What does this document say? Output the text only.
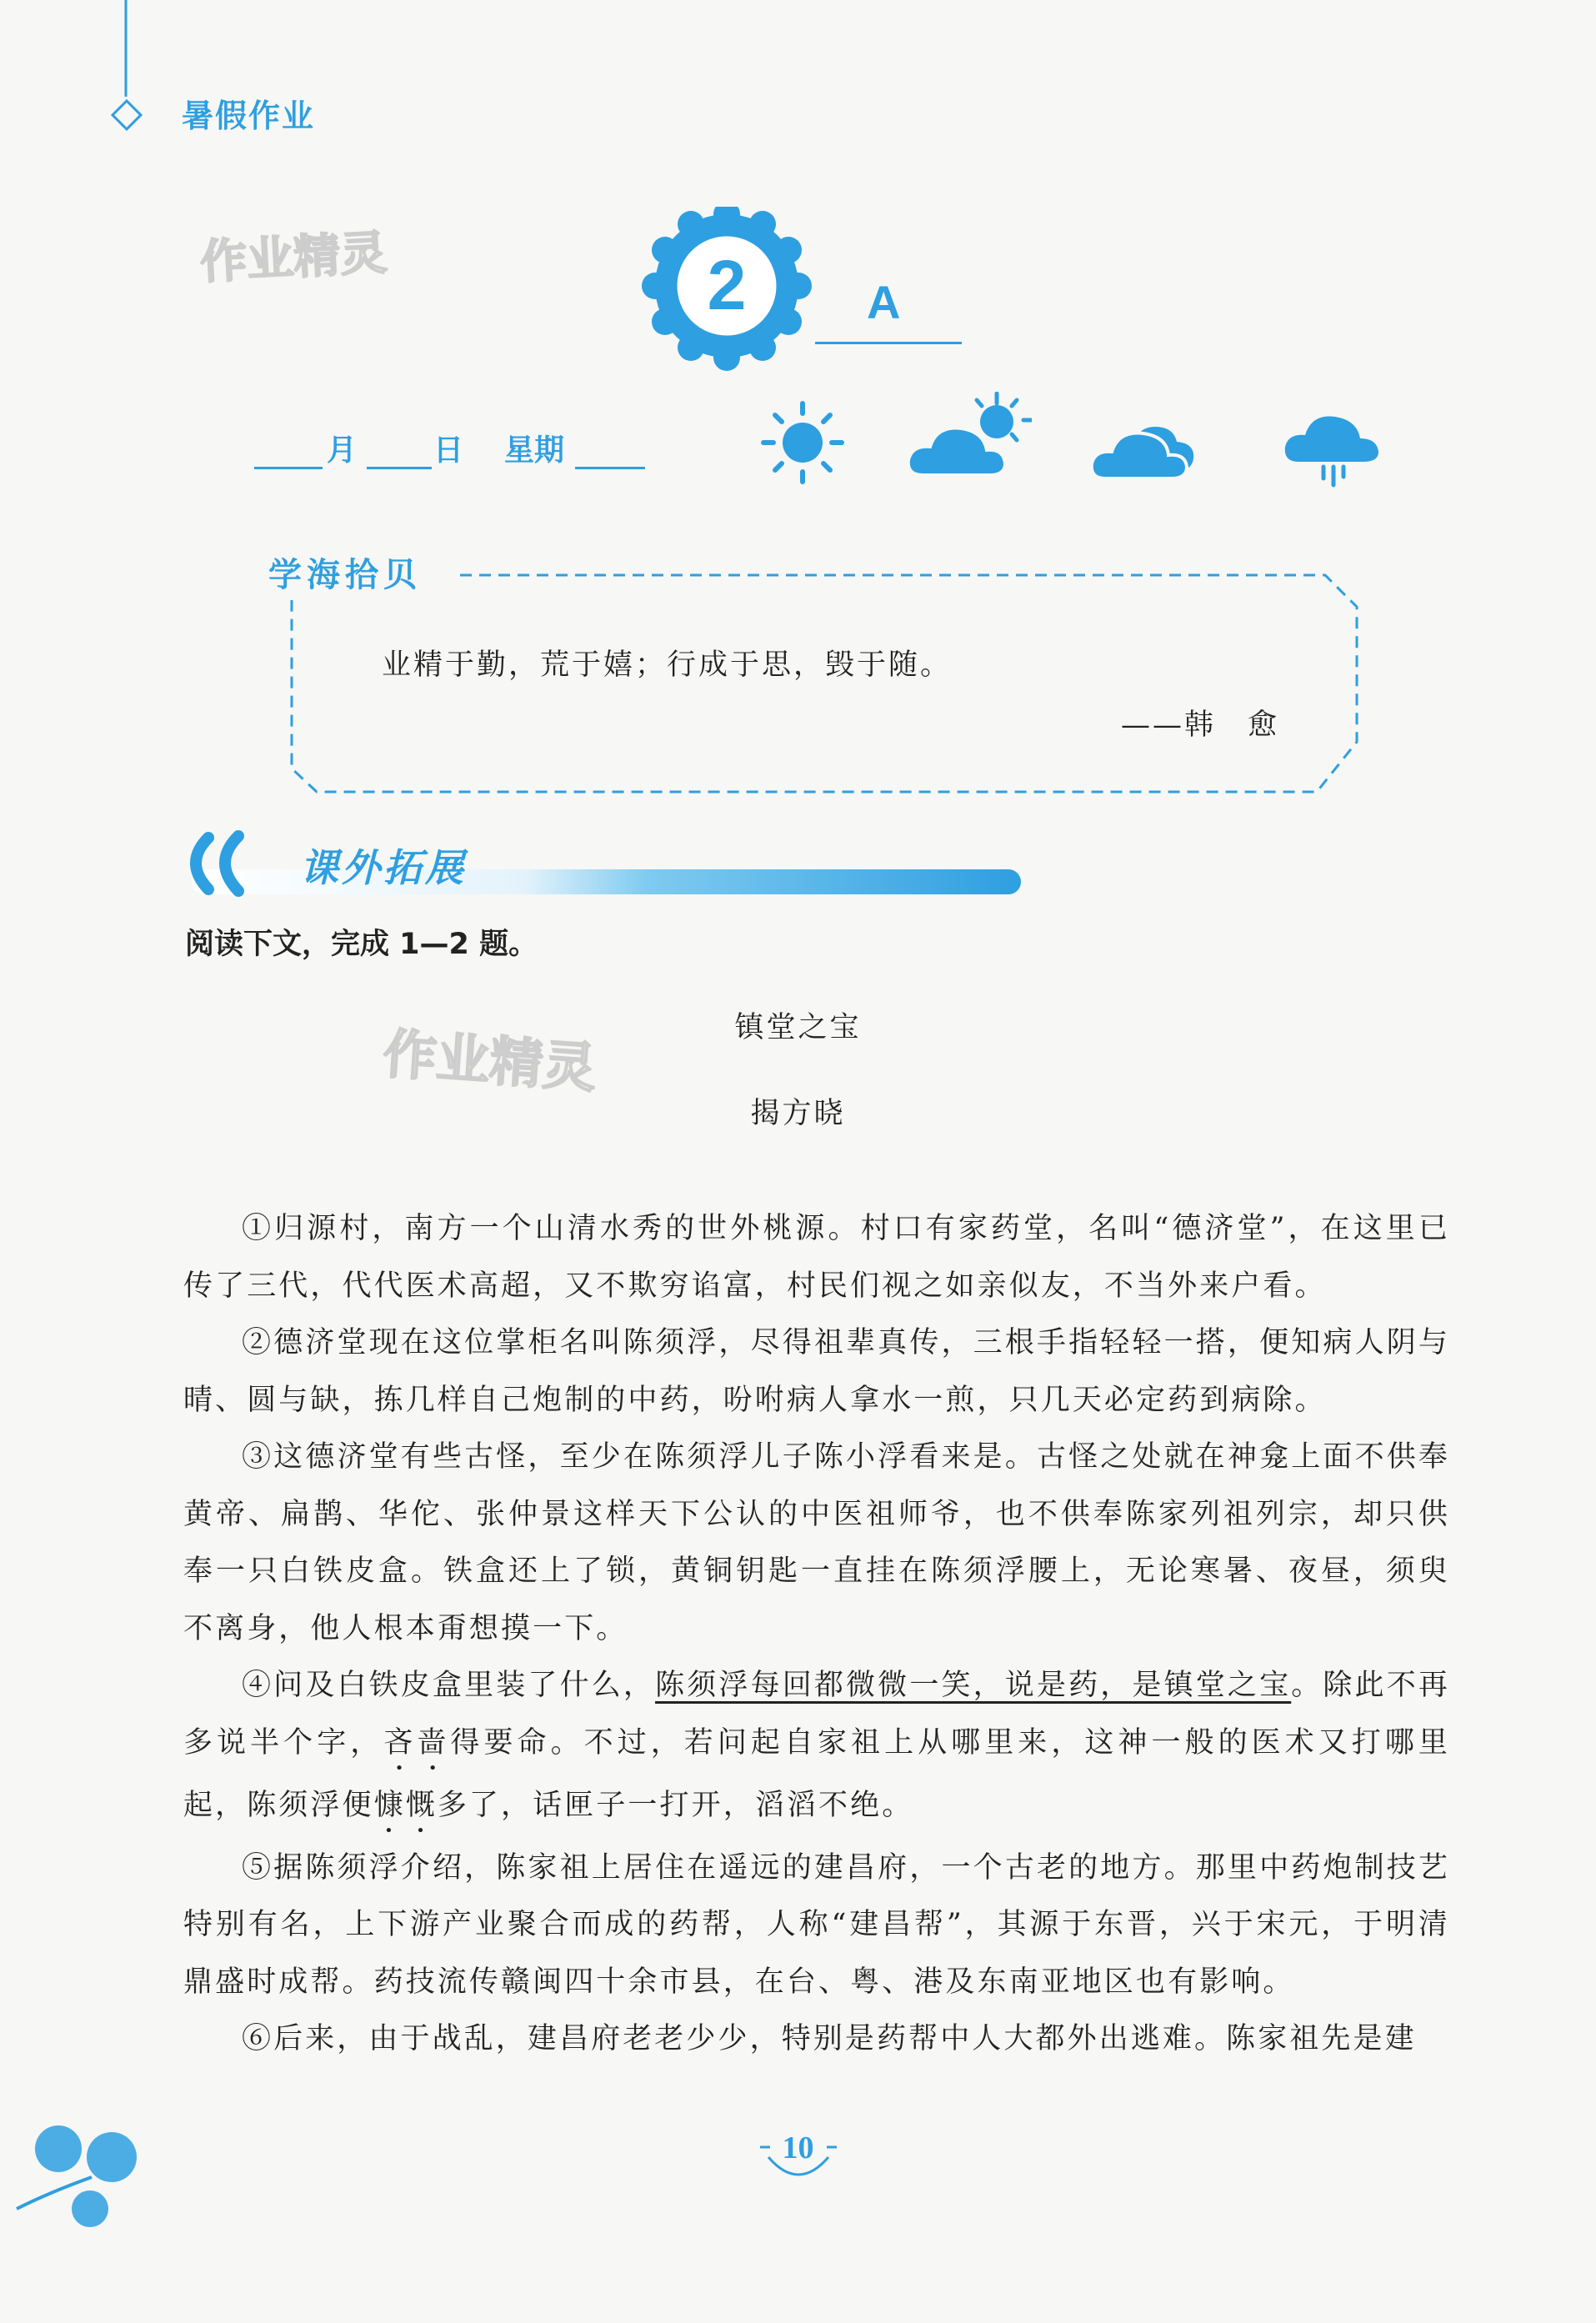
暑假作业
作业精灵
作业精灵
2	A
月	日 星期
学海拾贝
业精于勤，荒于嬉；行成于思，毁于随。
——韩　愈
课外拓展
阅读下文，完成 1—2 题。
镇堂之宝
揭方晓

①归源村，南方一个山清水秀的世外桃源。村口有家药堂，名叫“德济堂”，在这里已传了三代，代代医术高超，又不欺穷谄富，村民们视之如亲似友，不当外来户看。

②德济堂现在这位掌柜名叫陈须浮，尽得祖辈真传，三根手指轻轻一搭，便知病人阴与晴、圆与缺，拣几样自己炮制的中药，吩咐病人拿水一煎，只几天必定药到病除。

③这德济堂有些古怪，至少在陈须浮儿子陈小浮看来是。古怪之处就在神龛上面不供奉黄帝、扁鹊、华佗、张仲景这样天下公认的中医祖师爷，也不供奉陈家列祖列宗，却只供奉一只白铁皮盒。铁盒还上了锁，黄铜钥匙一直挂在陈须浮腰上，无论寒暑、夜昼，须臾不离身，他人根本甭想摸一下。

④问及白铁皮盒里装了什么，陈须浮每回都微微一笑，说是药，是镇堂之宝。除此不再多说半个字，吝啬得要命。不过，若问起自家祖上从哪里来，这神一般的医术又打哪里起，陈须浮便慷慨多了，话匣子一打开，滔滔不绝。

⑤据陈须浮介绍，陈家祖上居住在遥远的建昌府，一个古老的地方。那里中药炮制技艺特别有名，上下游产业聚合而成的药帮，人称“建昌帮”，其源于东晋，兴于宋元，于明清鼎盛时成帮。药技流传赣闽四十余市县，在台、粤、港及东南亚地区也有影响。

⑥后来，由于战乱，建昌府老老少少，特别是药帮中人大都外出逃难。陈家祖先是建

10
